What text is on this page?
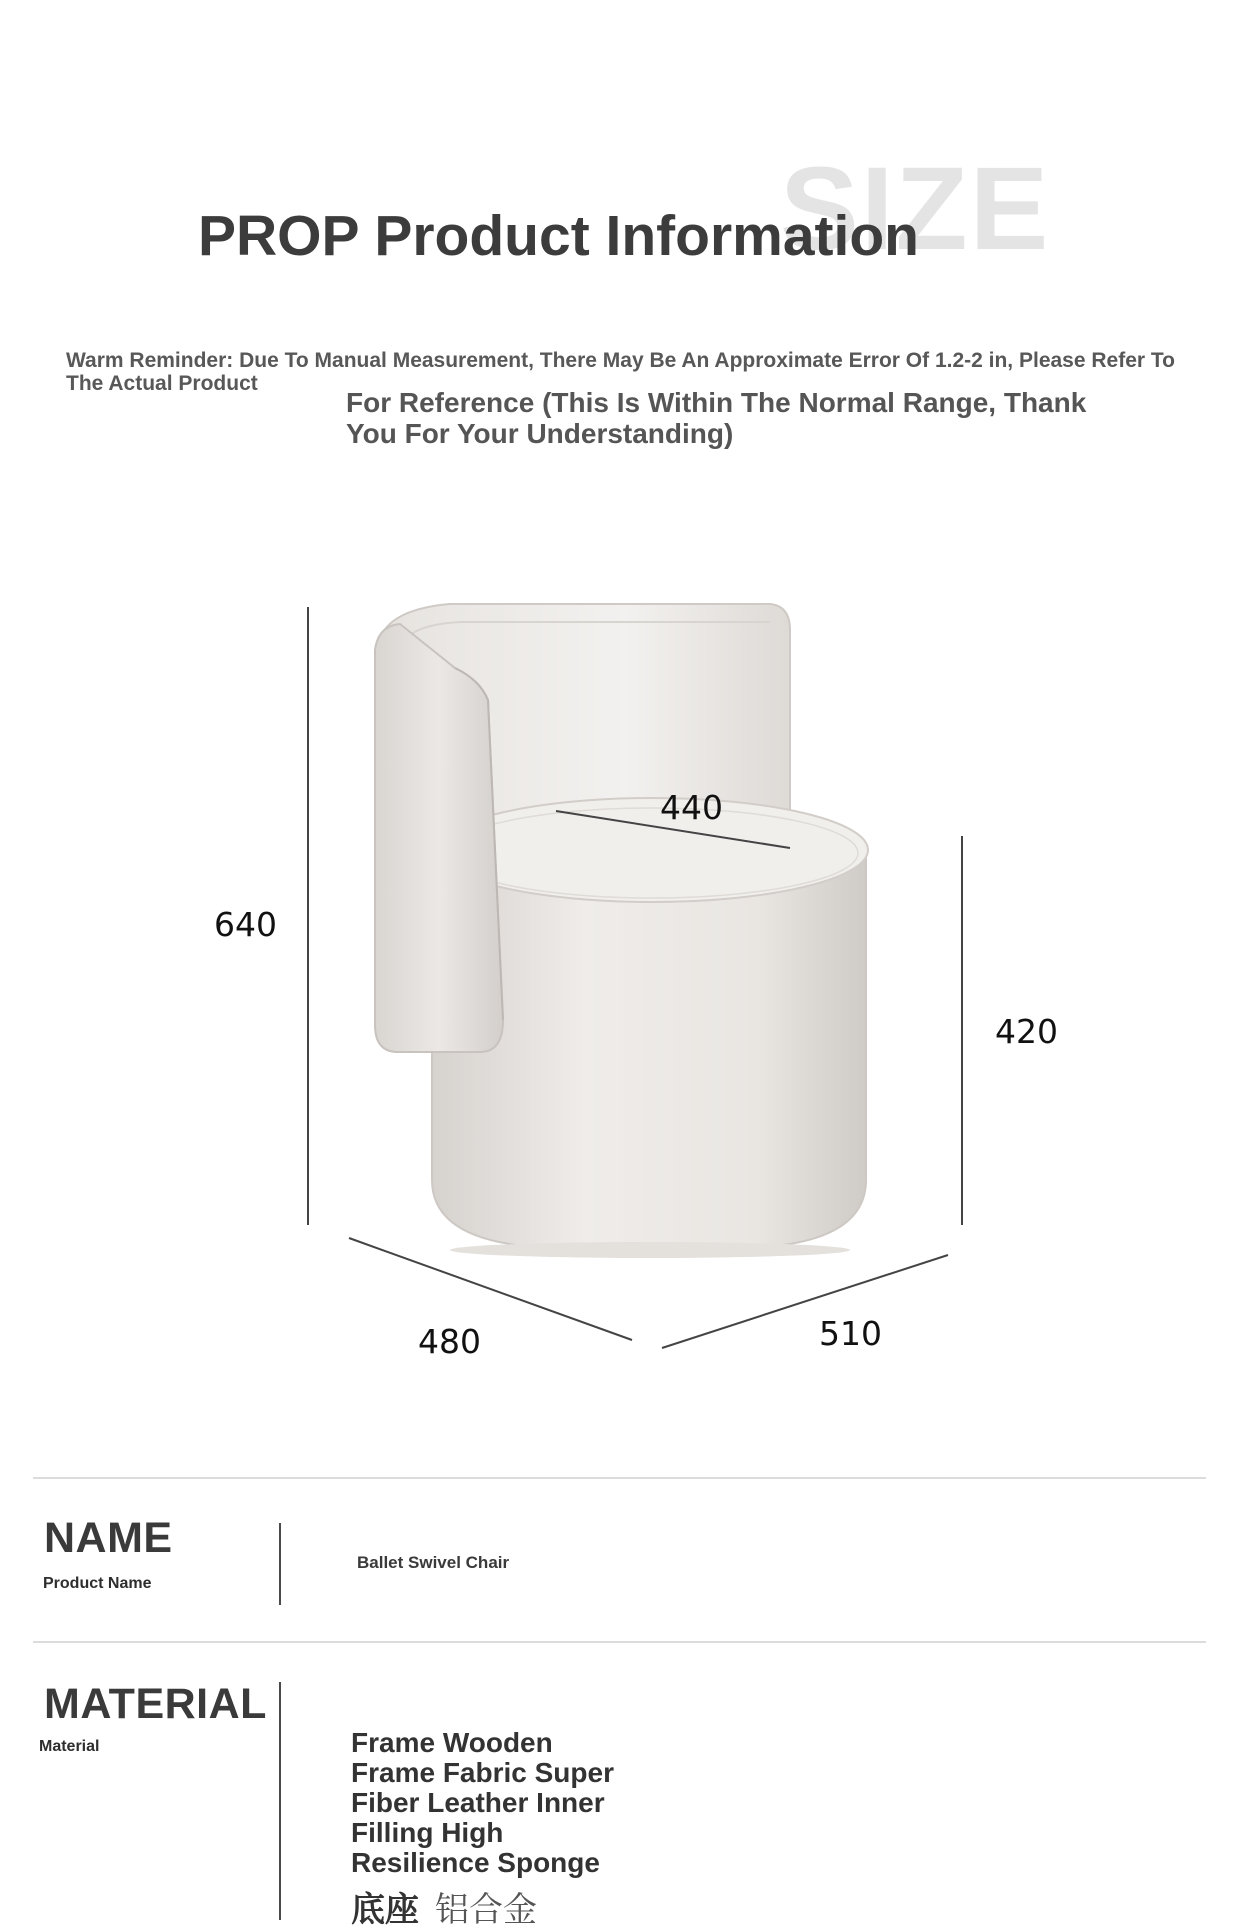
SIZE
PROP Product Information
Warm Reminder: Due To Manual Measurement, There May Be An Approximate Error Of 1.2-2 in, Please Refer To The Actual Product
For Reference (This Is Within The Normal Range, Thank You For Your Understanding)
640
440
420
480	510
NAME
Product Name
Ballet Swivel Chair
MATERIAL
Material	Frame Wooden
Frame Fabric Super
Fiber Leather Inner
Filling High
Resilience Sponge
底座 铝合金
